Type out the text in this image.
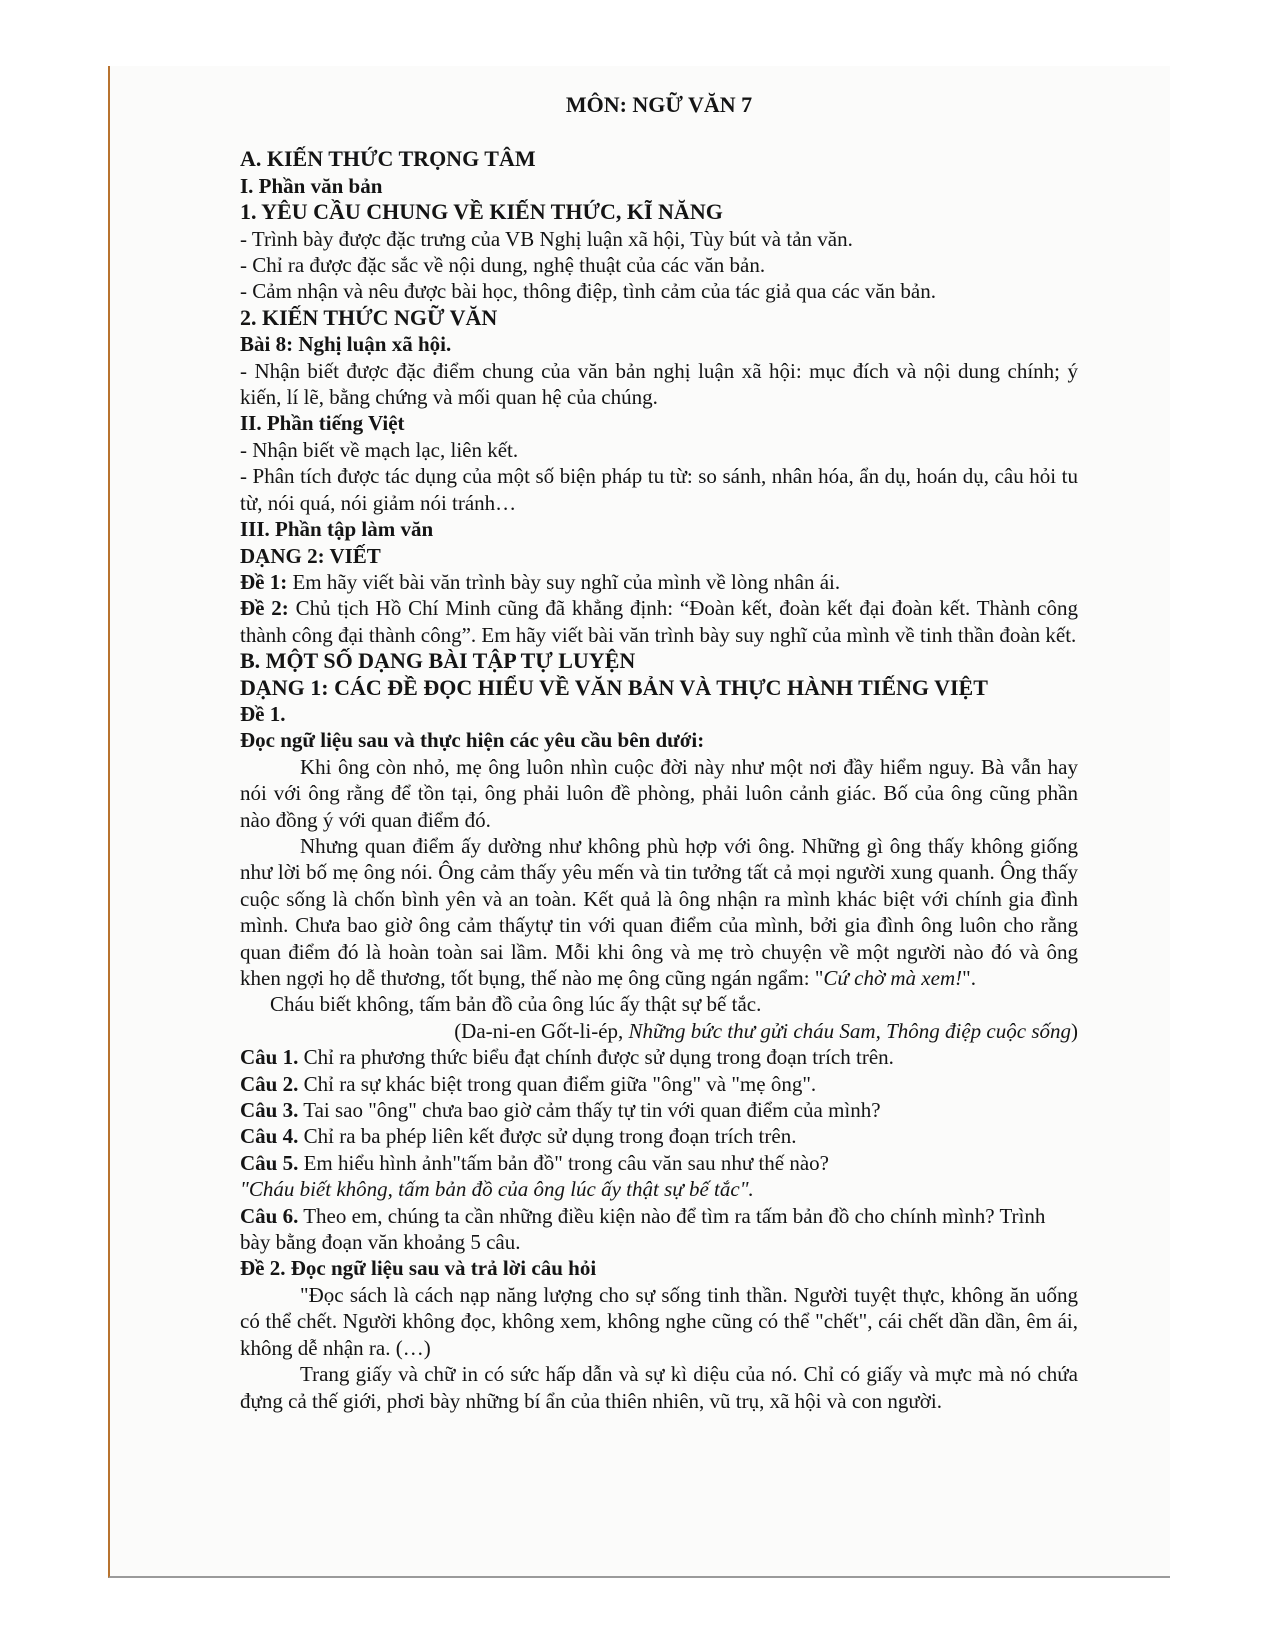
MÔN: NGỮ VĂN 7

A. KIẾN THỨC TRỌNG TÂM

I. Phần văn bản

1. YÊU CẦU CHUNG VỀ KIẾN THỨC, KĨ NĂNG

- Trình bày được đặc trưng của VB Nghị luận xã hội, Tùy bút và tản văn.

- Chỉ ra được đặc sắc về nội dung, nghệ thuật của các văn bản.

- Cảm nhận và nêu được bài học, thông điệp, tình cảm của tác giả qua các văn bản.

2. KIẾN THỨC NGỮ VĂN

Bài 8: Nghị luận xã hội.

- Nhận biết được đặc điểm chung của văn bản nghị luận xã hội: mục đích và nội dung chính; ý kiến, lí lẽ, bằng chứng và mối quan hệ của chúng.

II. Phần tiếng Việt

- Nhận biết về mạch lạc, liên kết.

- Phân tích được tác dụng của một số biện pháp tu từ: so sánh, nhân hóa, ẩn dụ, hoán dụ, câu hỏi tu từ, nói quá, nói giảm nói tránh…

III. Phần tập làm văn

DẠNG 2: VIẾT

Đề 1: Em hãy viết bài văn trình bày suy nghĩ của mình về lòng nhân ái.

Đề 2: Chủ tịch Hồ Chí Minh cũng đã khẳng định: “Đoàn kết, đoàn kết đại đoàn kết. Thành công thành công đại thành công”. Em hãy viết bài văn trình bày suy nghĩ của mình về tinh thần đoàn kết.

B. MỘT SỐ DẠNG BÀI TẬP TỰ LUYỆN

DẠNG 1: CÁC ĐỀ ĐỌC HIỂU VỀ VĂN BẢN VÀ THỰC HÀNH TIẾNG VIỆT

Đề 1.

Đọc ngữ liệu sau và thực hiện các yêu cầu bên dưới:

Khi ông còn nhỏ, mẹ ông luôn nhìn cuộc đời này như một nơi đầy hiểm nguy. Bà vẫn hay nói với ông rằng để tồn tại, ông phải luôn đề phòng, phải luôn cảnh giác. Bố của ông cũng phần nào đồng ý với quan điểm đó.

Nhưng quan điểm ấy dường như không phù hợp với ông. Những gì ông thấy không giống như lời bố mẹ ông nói. Ông cảm thấy yêu mến và tin tưởng tất cả mọi người xung quanh. Ông thấy cuộc sống là chốn bình yên và an toàn. Kết quả là ông nhận ra mình khác biệt với chính gia đình mình. Chưa bao giờ ông cảm thấytự tin với quan điểm của mình, bởi gia đình ông luôn cho rằng quan điểm đó là hoàn toàn sai lầm. Mỗi khi ông và mẹ trò chuyện về một người nào đó và ông khen ngợi họ dễ thương, tốt bụng, thế nào mẹ ông cũng ngán ngẩm: "Cứ chờ mà xem!".

Cháu biết không, tấm bản đồ của ông lúc ấy thật sự bế tắc.

(Da-ni-en Gốt-li-ép, Những bức thư gửi cháu Sam, Thông điệp cuộc sống)

Câu 1. Chỉ ra phương thức biểu đạt chính được sử dụng trong đoạn trích trên.

Câu 2. Chỉ ra sự khác biệt trong quan điểm giữa "ông" và "mẹ ông".

Câu 3. Tai sao "ông" chưa bao giờ cảm thấy tự tin với quan điểm của mình?

Câu 4. Chỉ ra ba phép liên kết được sử dụng trong đoạn trích trên.

Câu 5. Em hiểu hình ảnh"tấm bản đồ" trong câu văn sau như thế nào?

"Cháu biết không, tấm bản đồ của ông lúc ấy thật sự bế tắc".

Câu 6. Theo em, chúng ta cần những điều kiện nào để tìm ra tấm bản đồ cho chính mình? Trình bày bằng đoạn văn khoảng 5 câu.

Đề 2. Đọc ngữ liệu sau và trả lời câu hỏi

"Đọc sách là cách nạp năng lượng cho sự sống tinh thần. Người tuyệt thực, không ăn uống có thể chết. Người không đọc, không xem, không nghe cũng có thể "chết", cái chết dần dần, êm ái, không dễ nhận ra. (…)

Trang giấy và chữ in có sức hấp dẫn và sự kì diệu của nó. Chỉ có giấy và mực mà nó chứa đựng cả thế giới, phơi bày những bí ẩn của thiên nhiên, vũ trụ, xã hội và con người.
